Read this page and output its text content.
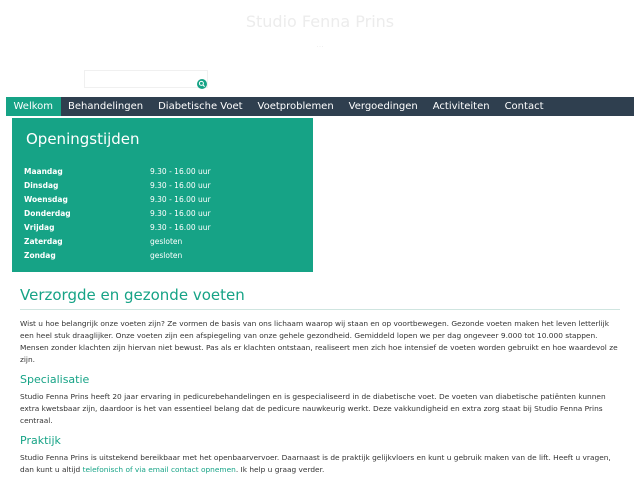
Studio Fenna Prins
...
Welkom	Behandelingen	Diabetische Voet	Voetproblemen	Vergoedingen	Activiteiten	Contact
Openingstijden
Maandag	9.30 - 16.00 uur
Dinsdag	9.30 - 16.00 uur
Woensdag	9.30 - 16.00 uur
Donderdag	9.30 - 16.00 uur
Vrijdag	9.30 - 16.00 uur
Zaterdag	gesloten
Zondag	gesloten
Verzorgde en gezonde voeten

Wist u hoe belangrijk onze voeten zijn? Ze vormen de basis van ons lichaam waarop wij staan en op voortbewegen. Gezonde voeten maken het leven letterlijk een heel stuk draaglijker. Onze voeten zijn een afspiegeling van onze gehele gezondheid. Gemiddeld lopen we per dag ongeveer 9.000 tot 10.000 stappen. Mensen zonder klachten zijn hiervan niet bewust. Pas als er klachten ontstaan, realiseert men zich hoe intensief de voeten worden gebruikt en hoe waardevol ze zijn.

Specialisatie

Studio Fenna Prins heeft 20 jaar ervaring in pedicurebehandelingen en is gespecialiseerd in de diabetische voet. De voeten van diabetische patiënten kunnen extra kwetsbaar zijn, daardoor is het van essentieel belang dat de pedicure nauwkeurig werkt. Deze vakkundigheid en extra zorg staat bij Studio Fenna Prins centraal.

Praktijk

Studio Fenna Prins is uitstekend bereikbaar met het openbaarvervoer. Daarnaast is de praktijk gelijkvloers en kunt u gebruik maken van de lift. Heeft u vragen, dan kunt u altijd telefonisch of via email contact opnemen. Ik help u graag verder.
